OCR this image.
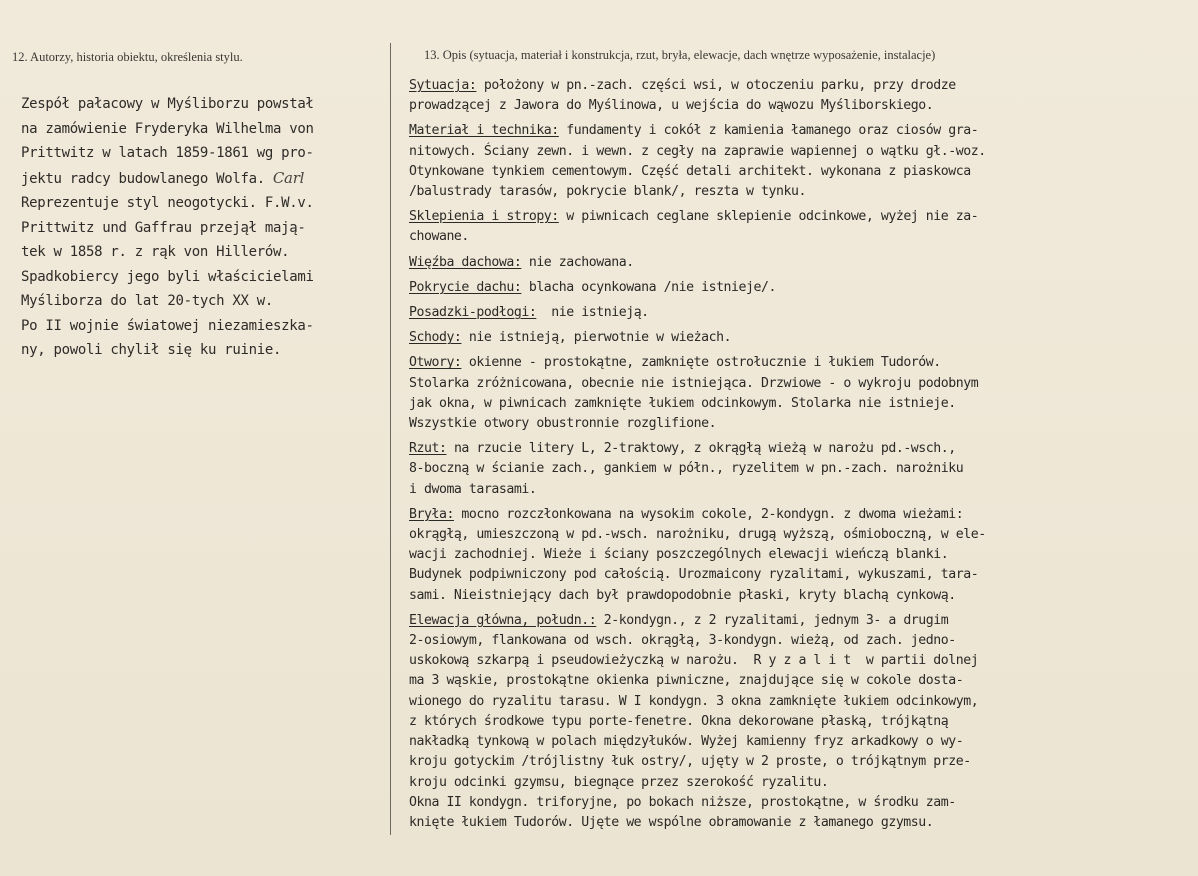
12. Autorzy, historia obiektu, określenia stylu.	13. Opis (sytuacja, materiał i konstrukcja, rzut, bryła, elewacje, dach wnętrze wyposażenie, instalacje)
Zespół pałacowy w Myśliborzu powstał
na zamówienie Fryderyka Wilhelma von
Prittwitz w latach 1859-1861 wg pro-
jektu radcy budowlanego Wolfa. Carl
Reprezentuje styl neogotycki. F.W.v.
Prittwitz und Gaffrau przejął mają-
tek w 1858 r. z rąk von Hillerów.
Spadkobiercy jego byli właścicielami
Myśliborza do lat 20-tych XX w.
Po II wojnie światowej niezamieszka-
ny, powoli chylił się ku ruinie.
Sytuacja: położony w pn.-zach. części wsi, w otoczeniu parku, przy drodze
prowadzącej z Jawora do Myślinowa, u wejścia do wąwozu Myśliborskiego.
Materiał i technika: fundamenty i cokół z kamienia łamanego oraz ciosów gra-
nitowych. Ściany zewn. i wewn. z cegły na zaprawie wapiennej o wątku gł.-woz.
Otynkowane tynkiem cementowym. Część detali architekt. wykonana z piaskowca
/balustrady tarasów, pokrycie blank/, reszta w tynku.
Sklepienia i stropy: w piwnicach ceglane sklepienie odcinkowe, wyżej nie za-
chowane.
Więźba dachowa: nie zachowana.
Pokrycie dachu: blacha ocynkowana /nie istnieje/.
Posadzki-podłogi:  nie istnieją.
Schody: nie istnieją, pierwotnie w wieżach.
Otwory: okienne - prostokątne, zamknięte ostrołucznie i łukiem Tudorów.
Stolarka zróżnicowana, obecnie nie istniejąca. Drzwiowe - o wykroju podobnym
jak okna, w piwnicach zamknięte łukiem odcinkowym. Stolarka nie istnieje.
Wszystkie otwory obustronnie rozglifione.
Rzut: na rzucie litery L, 2-traktowy, z okrągłą wieżą w narożu pd.-wsch.,
8-boczną w ścianie zach., gankiem w półn., ryzelitem w pn.-zach. narożniku
i dwoma tarasami.
Bryła: mocno rozczłonkowana na wysokim cokole, 2-kondygn. z dwoma wieżami:
okrągłą, umieszczoną w pd.-wsch. narożniku, drugą wyższą, ośmioboczną, w ele-
wacji zachodniej. Wieże i ściany poszczególnych elewacji wieńczą blanki.
Budynek podpiwniczony pod całością. Urozmaicony ryzalitami, wykuszami, tara-
sami. Nieistniejący dach był prawdopodobnie płaski, kryty blachą cynkową.
Elewacja główna, połudn.: 2-kondygn., z 2 ryzalitami, jednym 3- a drugim
2-osiowym, flankowana od wsch. okrągłą, 3-kondygn. wieżą, od zach. jedno-
uskokową szkarpą i pseudowieżyczką w narożu.  R y z a l i t  w partii dolnej
ma 3 wąskie, prostokątne okienka piwniczne, znajdujące się w cokole dosta-
wionego do ryzalitu tarasu. W I kondygn. 3 okna zamknięte łukiem odcinkowym,
z których środkowe typu porte-fenetre. Okna dekorowane płaską, trójkątną
nakładką tynkową w polach międzyłuków. Wyżej kamienny fryz arkadkowy o wy-
kroju gotyckim /trójlistny łuk ostry/, ujęty w 2 proste, o trójkątnym prze-
kroju odcinki gzymsu, biegnące przez szerokość ryzalitu.
Okna II kondygn. triforyjne, po bokach niższe, prostokątne, w środku zam-
knięte łukiem Tudorów. Ujęte we wspólne obramowanie z łamanego gzymsu.
